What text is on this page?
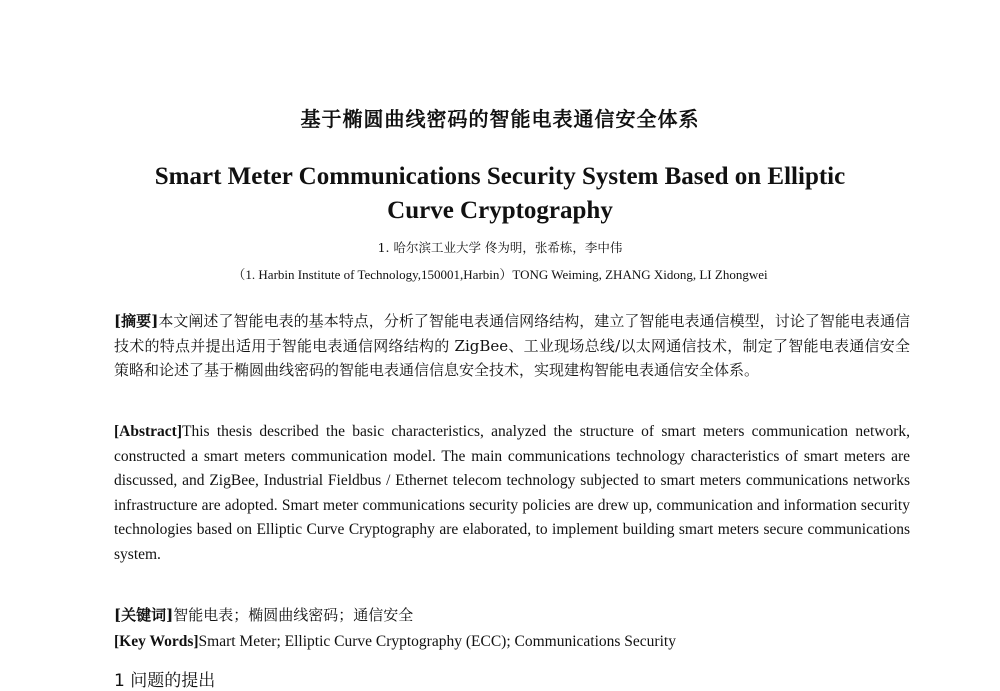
基于椭圆曲线密码的智能电表通信安全体系
Smart Meter Communications Security System Based on Elliptic Curve Cryptography
1. 哈尔滨工业大学 佟为明，张希栋，李中伟
（1. Harbin Institute of Technology,150001,Harbin）TONG Weiming, ZHANG Xidong, LI Zhongwei

[摘要]本文阐述了智能电表的基本特点，分析了智能电表通信网络结构，建立了智能电表通信模型，讨论了智能电表通信技术的特点并提出适用于智能电表通信网络结构的 ZigBee、工业现场总线/以太网通信技术，制定了智能电表通信安全策略和论述了基于椭圆曲线密码的智能电表通信信息安全技术，实现建构智能电表通信安全体系。

[Abstract]This thesis described the basic characteristics, analyzed the structure of smart meters communication network, constructed a smart meters communication model. The main communications technology characteristics of smart meters are discussed, and ZigBee, Industrial Fieldbus / Ethernet telecom technology subjected to smart meters communications networks infrastructure are adopted. Smart meter communications security policies are drew up, communication and information security technologies based on Elliptic Curve Cryptography are elaborated, to implement building smart meters secure communications system.

[关键词]智能电表；椭圆曲线密码；通信安全
[Key Words]Smart Meter; Elliptic Curve Cryptography (ECC); Communications Security
1 问题的提出
